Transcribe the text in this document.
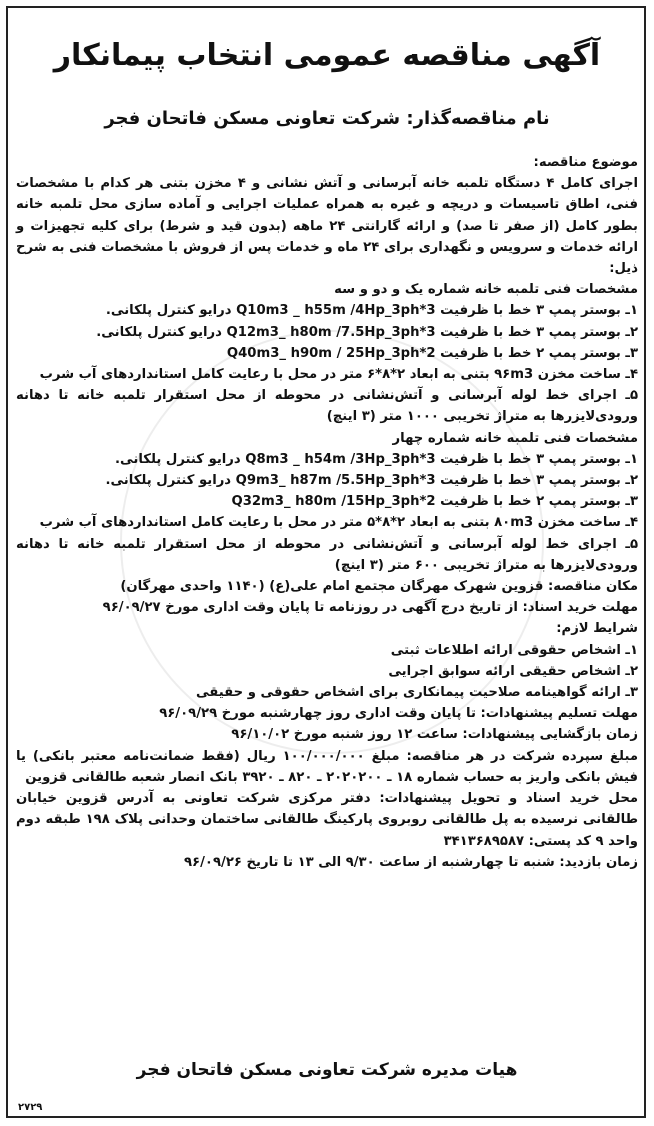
آگهی مناقصه عمومی انتخاب پیمانکار
نام مناقصه‌گذار: شرکت تعاونی مسکن فاتحان فجر

موضوع مناقصه:

اجرای کامل ۴ دستگاه تلمبه خانه آبرسانی و آتش نشانی و ۴ مخزن بتنی هر کدام با مشخصات فنی، اطاق تاسیسات و دریچه و غیره به همراه عملیات اجرایی و آماده سازی محل تلمبه خانه بطور کامل (از صفر تا صد) و ارائه گارانتی ۲۴ ماهه (بدون قید و شرط) برای کلیه تجهیزات و ارائه خدمات و سرویس و نگهداری برای ۲۴ ماه و خدمات پس از فروش با مشخصات فنی به شرح ذیل:

مشخصات فنی تلمبه خانه شماره یک و دو و سه

۱ـ بوستر پمپ ۳ خط با ظرفیت Q10m3 _ h55m /4Hp_3ph*3 درایو کنترل پلکانی.

۲ـ بوستر پمپ ۳ خط با ظرفیت Q12m3_ h80m /7.5Hp_3ph*3 درایو کنترل پلکانی.

۳ـ بوستر پمپ ۲ خط با ظرفیت Q40m3_ h90m / 25Hp_3ph*2

۴ـ ساخت مخزن ۹۶m3 بتنی به ابعاد ۲*۸*۶ متر در محل با رعایت کامل استانداردهای آب شرب

۵ـ اجرای خط لوله آبرسانی و آتش‌نشانی در محوطه از محل استقرار تلمبه خانه تا دهانه ورودی‌لایزرها به متراژ تخریبی ۱۰۰۰ متر (۳ اینچ)

مشخصات فنی تلمبه خانه شماره چهار

۱ـ بوستر پمپ ۳ خط با ظرفیت Q8m3 _ h54m /3Hp_3ph*3 درایو کنترل پلکانی.

۲ـ بوستر پمپ ۳ خط با ظرفیت Q9m3_ h87m /5.5Hp_3ph*3 درایو کنترل پلکانی.

۳ـ بوستر پمپ ۲ خط با ظرفیت Q32m3_ h80m /15Hp_3ph*2

۴ـ ساخت مخزن ۸۰m3 بتنی به ابعاد ۲*۸*۵ متر در محل با رعایت کامل استانداردهای آب شرب

۵ـ اجرای خط لوله آبرسانی و آتش‌نشانی در محوطه از محل استقرار تلمبه خانه تا دهانه ورودی‌لایزرها به متراژ تخریبی ۶۰۰ متر (۳ اینچ)

مکان مناقصه: قزوین شهرک مهرگان مجتمع امام علی(ع) (۱۱۴۰ واحدی مهرگان)

مهلت خرید اسناد: از تاریخ درج آگهی در روزنامه تا پایان وقت اداری مورخ ۹۶/۰۹/۲۷

شرایط لازم:

۱ـ اشخاص حقوقی ارائه اطلاعات ثبتی

۲ـ اشخاص حقیقی ارائه سوابق اجرایی

۳ـ ارائه گواهینامه صلاحیت پیمانکاری برای اشخاص حقوقی و حقیقی

مهلت تسلیم پیشنهادات: تا پایان وقت اداری روز چهارشنبه مورخ ۹۶/۰۹/۲۹

زمان بازگشایی پیشنهادات: ساعت ۱۲ روز شنبه مورخ ۹۶/۱۰/۰۲

مبلغ سپرده شرکت در هر مناقصه: مبلغ ۱۰۰/۰۰۰/۰۰۰ ریال (فقط ضمانت‌نامه معتبر بانکی) یا فیش بانکی واریز به حساب شماره ۱۸ ـ ۲۰۲۰۲۰۰ ـ ۸۲۰ ـ ۳۹۲۰ بانک انصار شعبه طالقانی قزوین

محل خرید اسناد و تحویل پیشنهادات: دفتر مرکزی شرکت تعاونی به آدرس قزوین خیابان طالقانی نرسیده به پل طالقانی روبروی پارکینگ طالقانی ساختمان وحدانی پلاک ۱۹۸ طبقه دوم واحد ۹ کد پستی: ۳۴۱۳۶۸۹۵۸۷

زمان بازدید: شنبه تا چهارشنبه از ساعت ۹/۳۰ الی ۱۳ تا تاریخ ۹۶/۰۹/۲۶

هیات مدیره شرکت تعاونی مسکن فاتحان فجر
۲۷۲۹
